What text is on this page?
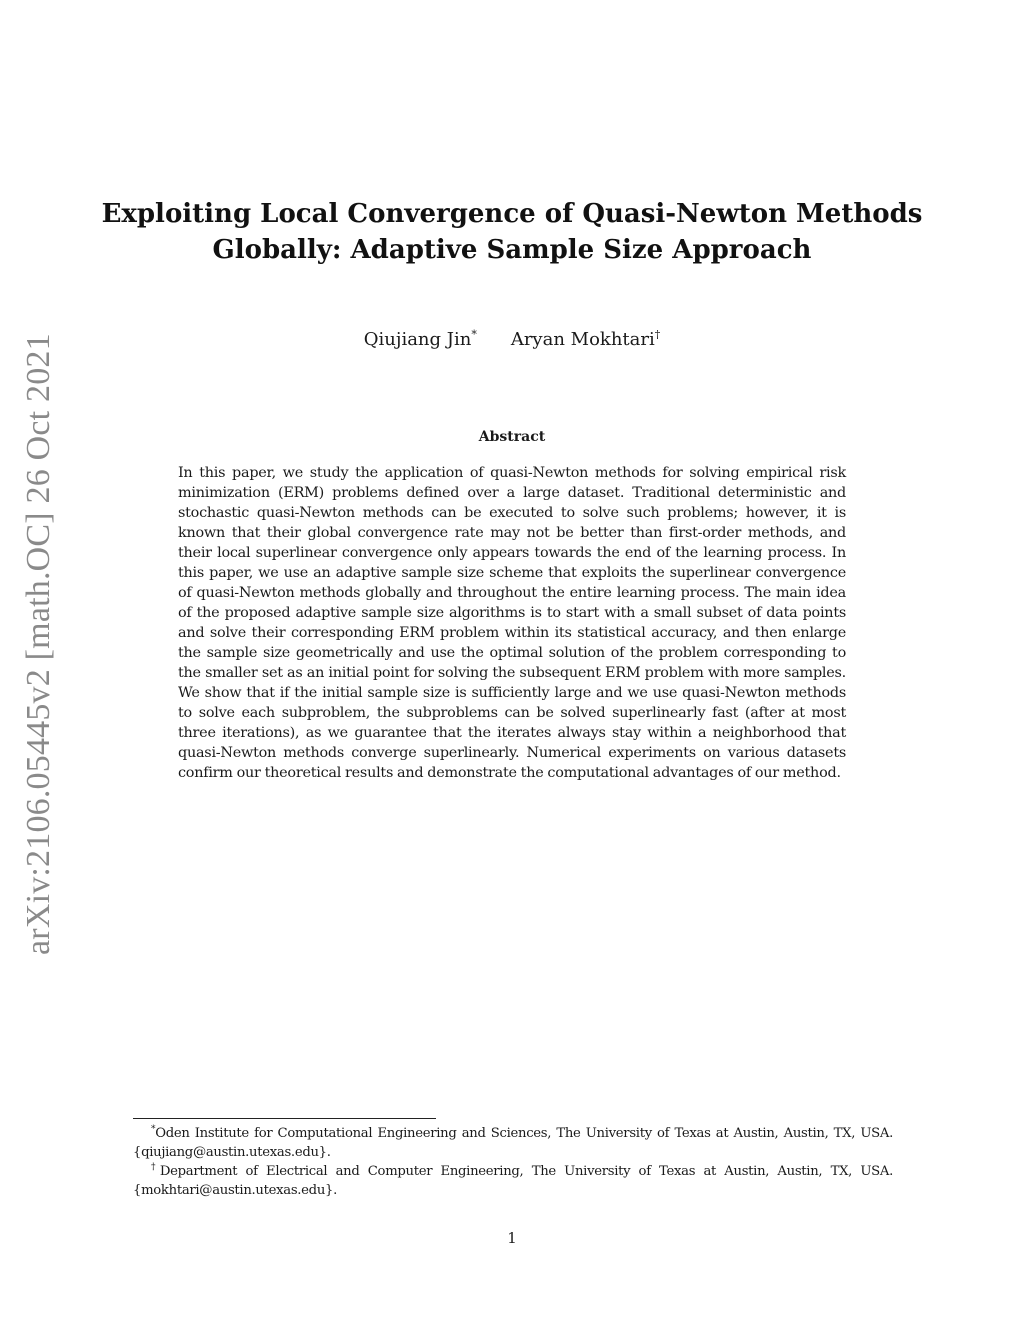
arXiv:2106.05445v2 [math.OC] 26 Oct 2021
Exploiting Local Convergence of Quasi-Newton Methods
Globally: Adaptive Sample Size Approach
Qiujiang Jin* Aryan Mokhtari†
Abstract
In this paper, we study the application of quasi-Newton methods for solving empirical risk minimization (ERM) problems defined over a large dataset. Traditional deterministic and stochastic quasi-Newton methods can be executed to solve such problems; however, it is known that their global convergence rate may not be better than first-order methods, and their local superlinear convergence only appears towards the end of the learning process. In this paper, we use an adaptive sample size scheme that exploits the superlinear convergence of quasi-Newton methods globally and throughout the entire learning process. The main idea of the proposed adaptive sample size algorithms is to start with a small subset of data points and solve their corresponding ERM problem within its statistical accuracy, and then enlarge the sample size geometrically and use the optimal solution of the problem corresponding to the smaller set as an initial point for solving the subsequent ERM problem with more samples. We show that if the initial sample size is sufficiently large and we use quasi-Newton methods to solve each subproblem, the subproblems can be solved superlinearly fast (after at most three iterations), as we guarantee that the iterates always stay within a neighborhood that quasi-Newton methods converge superlinearly. Numerical experiments on various datasets confirm our theoretical results and demonstrate the computational advantages of our method.

*Oden Institute for Computational Engineering and Sciences, The University of Texas at Austin, Austin, TX, USA. {qiujiang@austin.utexas.edu}.

†Department of Electrical and Computer Engineering, The University of Texas at Austin, Austin, TX, USA. {mokhtari@austin.utexas.edu}.

1
